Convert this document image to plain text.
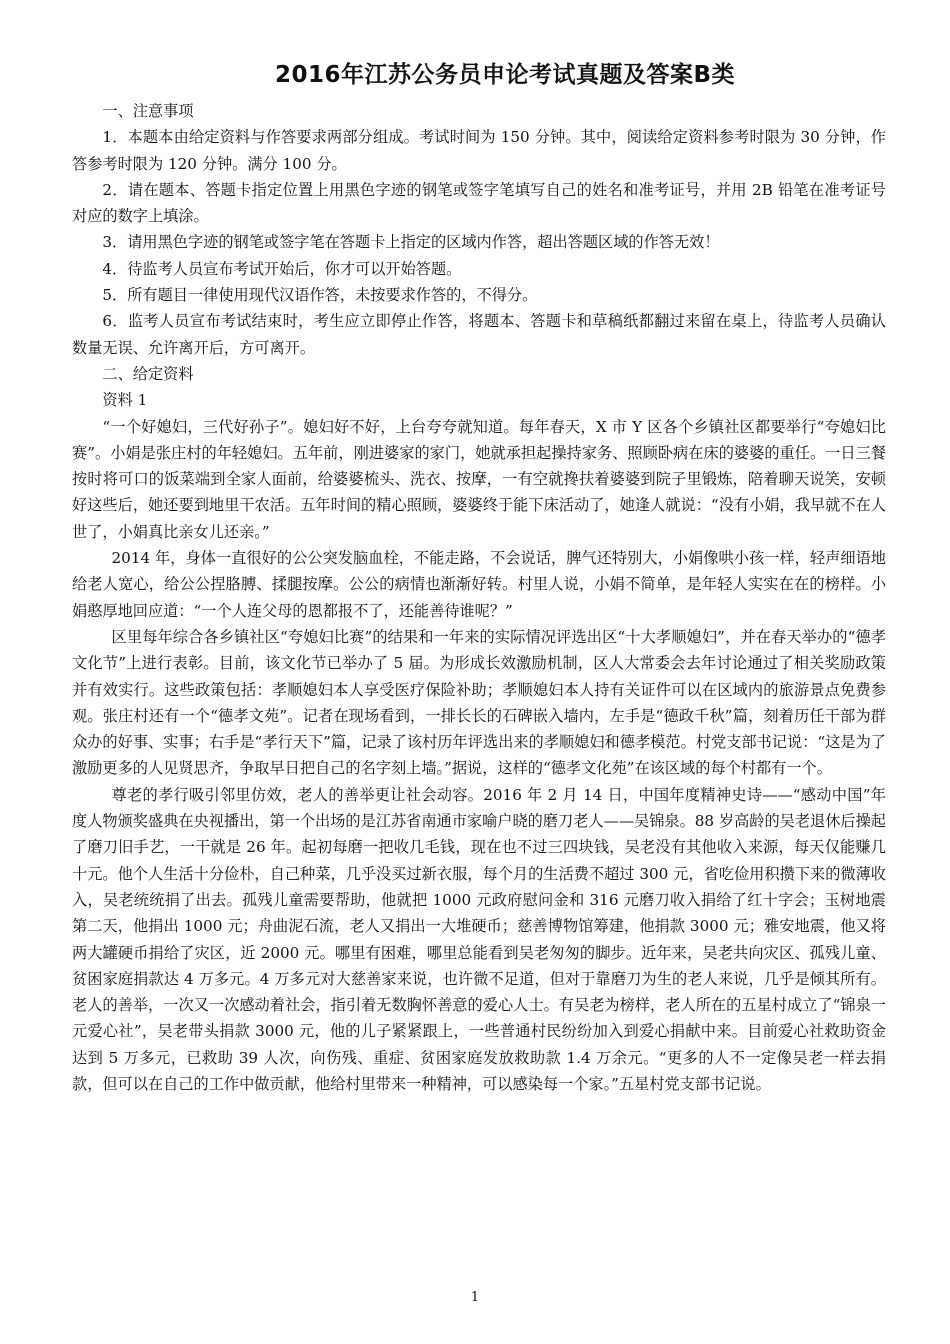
2016年江苏公务员申论考试真题及答案B类

一、注意事项

1．本题本由给定资料与作答要求两部分组成。考试时间为 150 分钟。其中，阅读给定资料参考时限为 30 分钟，作答参考时限为 120 分钟。满分 100 分。

2．请在题本、答题卡指定位置上用黑色字迹的钢笔或签字笔填写自己的姓名和准考证号，并用 2B 铅笔在准考证号对应的数字上填涂。

3．请用黑色字迹的钢笔或签字笔在答题卡上指定的区域内作答，超出答题区域的作答无效！

4．待监考人员宣布考试开始后，你才可以开始答题。

5．所有题目一律使用现代汉语作答，未按要求作答的，不得分。

6．监考人员宣布考试结束时，考生应立即停止作答，将题本、答题卡和草稿纸都翻过来留在桌上，待监考人员确认数量无误、允许离开后，方可离开。

二、给定资料

资料 1

“一个好媳妇，三代好孙子”。媳妇好不好，上台夸夸就知道。每年春天，X 市 Y 区各个乡镇社区都要举行“夸媳妇比赛”。小娟是张庄村的年轻媳妇。五年前，刚进婆家的家门，她就承担起操持家务、照顾卧病在床的婆婆的重任。一日三餐按时将可口的饭菜端到全家人面前，给婆婆梳头、洗衣、按摩，一有空就搀扶着婆婆到院子里锻炼，陪着聊天说笑，安顿好这些后，她还要到地里干农活。五年时间的精心照顾，婆婆终于能下床活动了，她逢人就说：“没有小娟，我早就不在人世了，小娟真比亲女儿还亲。”

2014 年，身体一直很好的公公突发脑血栓，不能走路，不会说话，脾气还特别大，小娟像哄小孩一样，轻声细语地给老人宽心，给公公捏胳膊、揉腿按摩。公公的病情也渐渐好转。村里人说，小娟不简单，是年轻人实实在在的榜样。小娟憨厚地回应道：“一个人连父母的恩都报不了，还能善待谁呢？”

区里每年综合各乡镇社区“夸媳妇比赛”的结果和一年来的实际情况评选出区“十大孝顺媳妇”，并在春天举办的“德孝文化节”上进行表彰。目前，该文化节已举办了 5 届。为形成长效激励机制，区人大常委会去年讨论通过了相关奖励政策并有效实行。这些政策包括：孝顺媳妇本人享受医疗保险补助；孝顺媳妇本人持有关证件可以在区域内的旅游景点免费参观。张庄村还有一个“德孝文苑”。记者在现场看到，一排长长的石碑嵌入墙内，左手是“德政千秋”篇，刻着历任干部为群众办的好事、实事；右手是“孝行天下”篇，记录了该村历年评选出来的孝顺媳妇和德孝模范。村党支部书记说：“这是为了激励更多的人见贤思齐，争取早日把自己的名字刻上墙。”据说，这样的“德孝文化苑”在该区域的每个村都有一个。

尊老的孝行吸引邻里仿效，老人的善举更让社会动容。2016 年 2 月 14 日，中国年度精神史诗——“感动中国”年度人物颁奖盛典在央视播出，第一个出场的是江苏省南通市家喻户晓的磨刀老人——吴锦泉。88 岁高龄的吴老退休后操起了磨刀旧手艺，一干就是 26 年。起初每磨一把收几毛钱，现在也不过三四块钱，吴老没有其他收入来源，每天仅能赚几十元。他个人生活十分俭朴，自己种菜，几乎没买过新衣服，每个月的生活费不超过 300 元，省吃俭用积攒下来的微薄收入，吴老统统捐了出去。孤残儿童需要帮助，他就把 1000 元政府慰问金和 316 元磨刀收入捐给了红十字会；玉树地震第二天，他捐出 1000 元；舟曲泥石流，老人又捐出一大堆硬币；慈善博物馆筹建，他捐款 3000 元；雅安地震，他又将两大罐硬币捐给了灾区，近 2000 元。哪里有困难，哪里总能看到吴老匆匆的脚步。近年来，吴老共向灾区、孤残儿童、贫困家庭捐款达 4 万多元。4 万多元对大慈善家来说，也许微不足道，但对于靠磨刀为生的老人来说，几乎是倾其所有。老人的善举，一次又一次感动着社会，指引着无数胸怀善意的爱心人士。有吴老为榜样，老人所在的五星村成立了“锦泉一元爱心社”，吴老带头捐款 3000 元，他的儿子紧紧跟上，一些普通村民纷纷加入到爱心捐献中来。目前爱心社救助资金达到 5 万多元，已救助 39 人次，向伤残、重症、贫困家庭发放救助款 1.4 万余元。“更多的人不一定像吴老一样去捐款，但可以在自己的工作中做贡献，他给村里带来一种精神，可以感染每一个家。”五星村党支部书记说。

1
